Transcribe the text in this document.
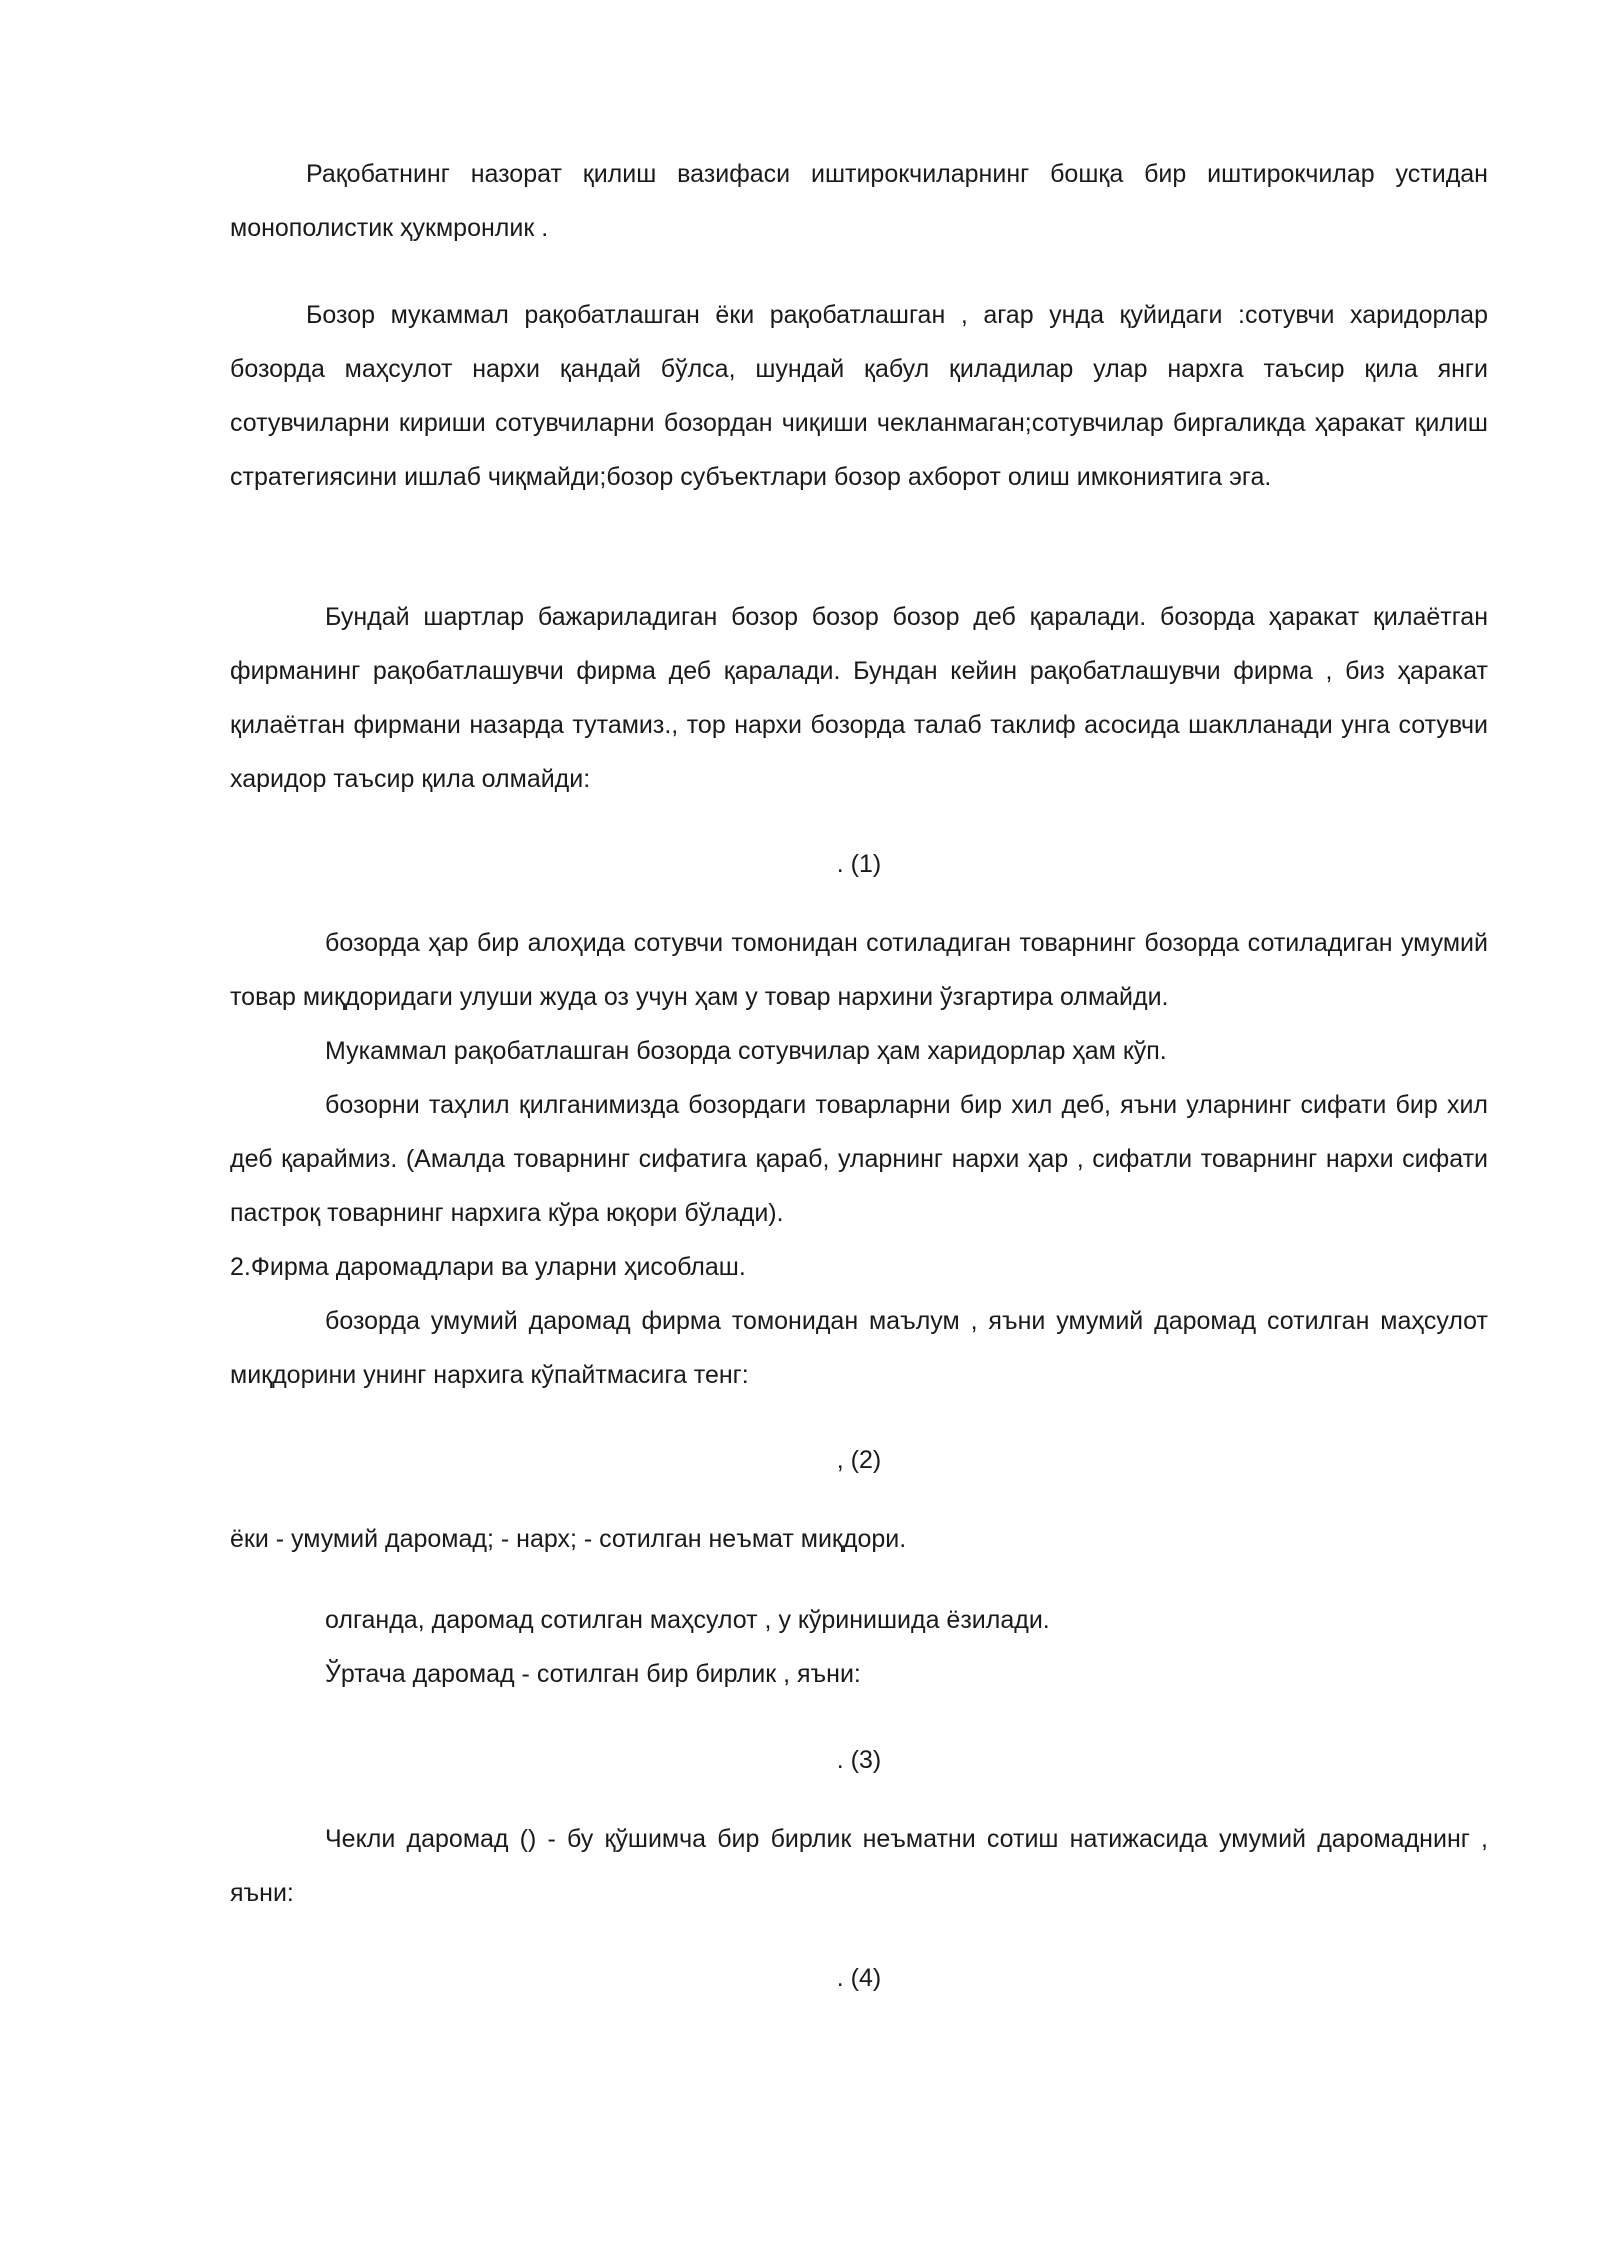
Рақобатнинг назорат қилиш вазифаси иштирокчиларнинг бошқа бир иштирокчилар устидан монополистик ҳукмронлик .

Бозор мукаммал рақобатлашган ёки рақобатлашган , агар унда қуйидаги :сотувчи харидорлар бозорда маҳсулот нархи қандай бўлса, шундай қабул қиладилар улар нархга таъсир қила янги сотувчиларни кириши сотувчиларни бозордан чиқиши чекланмаган;сотувчилар биргаликда ҳаракат қилиш стратегиясини ишлаб чиқмайди;бозор субъектлари бозор ахборот олиш имкониятига эга.

Бундай шартлар бажариладиган бозор бозор бозор деб қаралади. бозорда ҳаракат қилаётган фирманинг рақобатлашувчи фирма деб қаралади. Бундан кейин рақобатлашувчи фирма , биз ҳаракат қилаётган фирмани назарда тутамиз., тор нархи бозорда талаб таклиф асосида шаклланади унга сотувчи харидор таъсир қила олмайди:

. (1)

бозорда ҳар бир алоҳида сотувчи томонидан сотиладиган товарнинг бозорда сотиладиган умумий товар миқдоридаги улуши жуда оз учун ҳам у товар нархини ўзгартира олмайди.

Мукаммал рақобатлашган бозорда сотувчилар ҳам харидорлар ҳам кўп.

бозорни таҳлил қилганимизда бозордаги товарларни бир хил деб, яъни уларнинг сифати бир хил деб қараймиз. (Амалда товарнинг сифатига қараб, уларнинг нархи ҳар , сифатли товарнинг нархи сифати пастроқ товарнинг нархига кўра юқори бўлади).

2.Фирма даромадлари ва уларни ҳисоблаш.

бозорда умумий даромад фирма томонидан маълум , яъни умумий даромад сотилган маҳсулот миқдорини унинг нархига кўпайтмасига тенг:

, (2)

ёки - умумий даромад; - нарх; - сотилган неъмат миқдори.

олганда, даромад сотилган маҳсулот , у кўринишида ёзилади.

Ўртача даромад - сотилган бир бирлик , яъни:

. (3)

Чекли даромад () - бу қўшимча бир бирлик неъматни сотиш натижасида умумий даромаднинг , яъни:

. (4)
